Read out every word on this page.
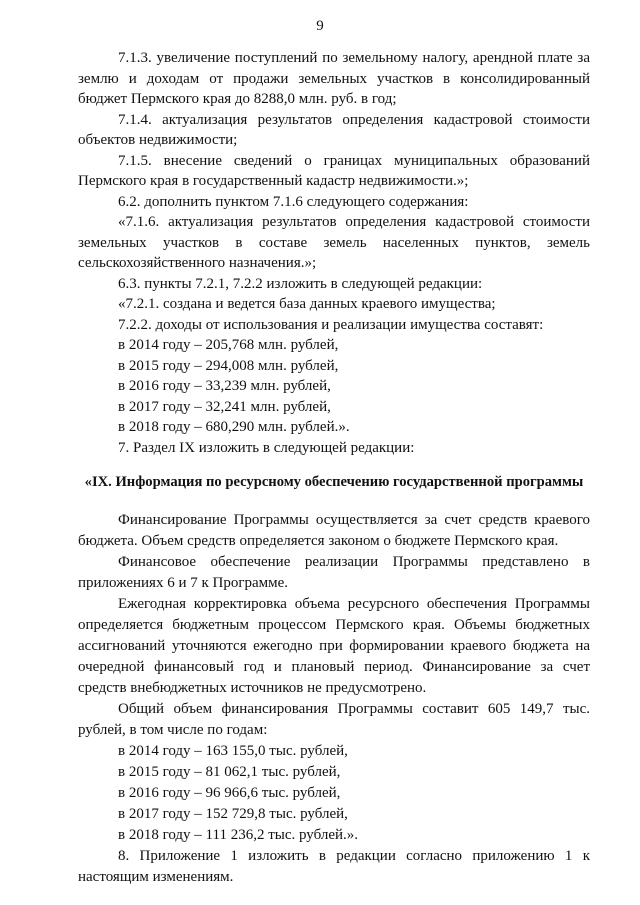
9

7.1.3. увеличение поступлений по земельному налогу, арендной плате за землю и доходам от продажи земельных участков в консолидированный бюджет Пермского края до 8288,0 млн. руб. в год;

7.1.4. актуализация результатов определения кадастровой стоимости объектов недвижимости;

7.1.5. внесение сведений о границах муниципальных образований Пермского края в государственный кадастр недвижимости.»;

6.2. дополнить пунктом 7.1.6 следующего содержания:

«7.1.6. актуализация результатов определения кадастровой стоимости земельных участков в составе земель населенных пунктов, земель сельскохозяйственного назначения.»;

6.3. пункты 7.2.1, 7.2.2 изложить в следующей редакции:

«7.2.1. создана и ведется база данных краевого имущества;

7.2.2. доходы от использования и реализации имущества составят:

в 2014 году – 205,768 млн. рублей,

в 2015 году – 294,008 млн. рублей,

в 2016 году – 33,239 млн. рублей,

в 2017 году – 32,241 млн. рублей,

в 2018 году – 680,290 млн. рублей.».

7. Раздел IX изложить в следующей редакции:

«IX. Информация по ресурсному обеспечению государственной программы

Финансирование Программы осуществляется за счет средств краевого бюджета. Объем средств определяется законом о бюджете Пермского края.

Финансовое обеспечение реализации Программы представлено в приложениях 6 и 7 к Программе.

Ежегодная корректировка объема ресурсного обеспечения Программы определяется бюджетным процессом Пермского края. Объемы бюджетных ассигнований уточняются ежегодно при формировании краевого бюджета на очередной финансовый год и плановый период. Финансирование за счет средств внебюджетных источников не предусмотрено.

Общий объем финансирования Программы составит 605 149,7 тыс. рублей, в том числе по годам:

в 2014 году – 163 155,0 тыс. рублей,

в 2015 году – 81 062,1 тыс. рублей,

в 2016 году – 96 966,6 тыс. рублей,

в 2017 году – 152 729,8 тыс. рублей,

в 2018 году – 111 236,2 тыс. рублей.».

8. Приложение 1 изложить в редакции согласно приложению 1 к настоящим изменениям.
